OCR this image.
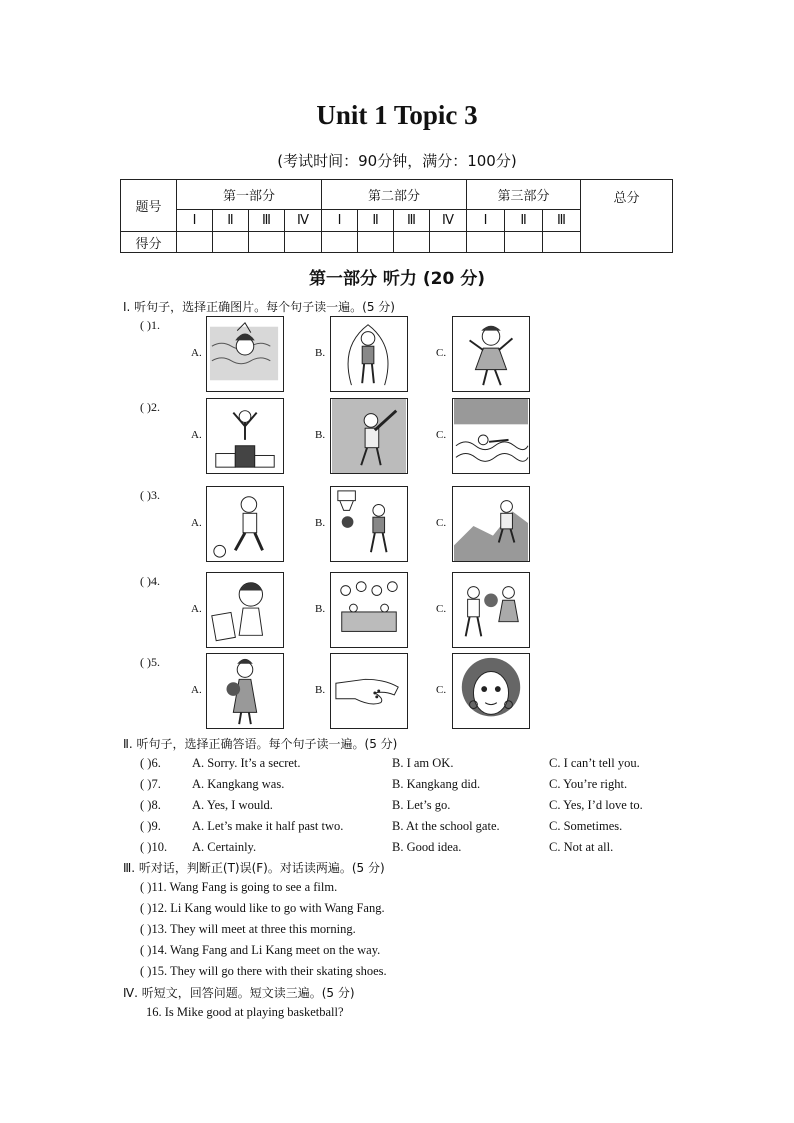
Unit 1 Topic 3
(考试时间：90分钟，满分：100分)
题号	第一部分				第二部分				第三部分			总分
	Ⅰ	Ⅱ	Ⅲ	Ⅳ	Ⅰ	Ⅱ	Ⅲ	Ⅳ	Ⅰ	Ⅱ	Ⅲ	
得分												
第一部分 听力 (20 分)
Ⅰ. 听句子，选择正确图片。每个句子读一遍。(5 分)
( )1.
A.	B.	C.
( )2.
A.	B.	C.
( )3.
A.	B.	C.
( )4.
A.	B.	C.
( )5.
A.	B.	C.
Ⅱ. 听句子，选择正确答语。每个句子读一遍。(5 分)
( )6. A. Sorry. It’s a secret.	B. I am OK.	C. I can’t tell you.
( )7. A. Kangkang was.	B. Kangkang did.	C. You’re right.
( )8. A. Yes, I would.	B. Let’s go.	C. Yes, I’d love to.
( )9. A. Let’s make it half past two.	B. At the school gate.	C. Sometimes.
( )10. A. Certainly.	B. Good idea.	C. Not at all.
Ⅲ. 听对话，判断正(T)误(F)。对话读两遍。(5 分)
( )11. Wang Fang is going to see a film.
( )12. Li Kang would like to go with Wang Fang.
( )13. They will meet at three this morning.
( )14. Wang Fang and Li Kang meet on the way.
( )15. They will go there with their skating shoes.
Ⅳ. 听短文，回答问题。短文读三遍。(5 分)
16. Is Mike good at playing basketball?
